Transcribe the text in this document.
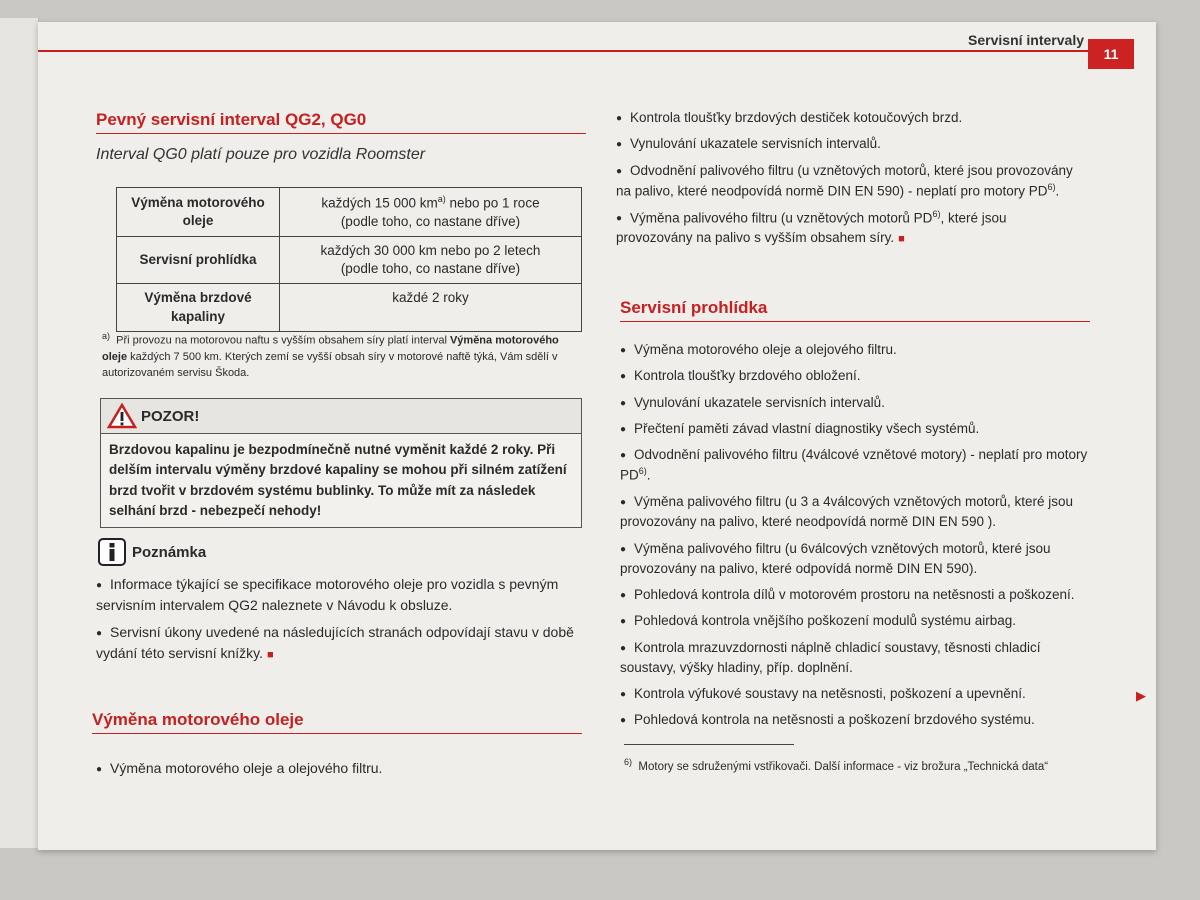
Servisní intervaly
11
Pevný servisní interval QG2, QG0
Interval QG0 platí pouze pro vozidla Roomster
Výměna motorového oleje	každých 15 000 $km^{a)}$ nebo po 1 roce
(podle toho, co nastane dříve)
Servisní prohlídka	každých 30 000 km nebo po 2 letech
(podle toho, co nastane dříve)
Výměna brzdové kapaliny	každé 2 roky
$^{a)}$ Při provozu na motorovou naftu s vyšším obsahem síry platí interval Výměna motorového oleje každých 7 500 km. Kterých zemí se vyšší obsah síry v motorové naftě týká, Vám sdělí v autorizovaném servisu Škoda.
POZOR!
Brzdovou kapalinu je bezpodmínečně nutné vyměnit každé 2 roky. Při delším intervalu výměny brzdové kapaliny se mohou při silném zatížení brzd tvořit v brzdovém systému bublinky. To může mít za následek selhání brzd - nebezpečí nehody!
Poznámka
● Informace týkající se specifikace motorového oleje pro vozidla s pevným servisním intervalem QG2 naleznete v Návodu k obsluze.
● Servisní úkony uvedené na následujících stranách odpovídají stavu v době vydání této servisní knížky. ■
Výměna motorového oleje
● Výměna motorového oleje a olejového filtru.
● Kontrola tloušťky brzdových destiček kotoučových brzd.
● Vynulování ukazatele servisních intervalů.
● Odvodnění palivového filtru (u vznětových motorů, které jsou provozovány na palivo, které neodpovídá normě DIN EN 590) - neplatí pro motory PD$^{6)}$.
● Výměna palivového filtru (u vznětových motorů PD$^{6)}$, které jsou provozovány na palivo s vyšším obsahem síry. ■
Servisní prohlídka
● Výměna motorového oleje a olejového filtru.
● Kontrola tloušťky brzdového obložení.
● Vynulování ukazatele servisních intervalů.
● Přečtení paměti závad vlastní diagnostiky všech systémů.
● Odvodnění palivového filtru (4válcové vznětové motory) - neplatí pro motory PD$^{6)}$.
● Výměna palivového filtru (u 3 a 4válcových vznětových motorů, které jsou provozovány na palivo, které neodpovídá normě DIN EN 590 ).
● Výměna palivového filtru (u 6válcových vznětových motorů, které jsou provozovány na palivo, které odpovídá normě DIN EN 590).
● Pohledová kontrola dílů v motorovém prostoru na netěsnosti a poškození.
● Pohledová kontrola vnějšího poškození modulů systému airbag.
● Kontrola mrazuvzdornosti náplně chladicí soustavy, těsnosti chladicí soustavy, výšky hladiny, příp. doplnění.
● Kontrola výfukové soustavy na netěsnosti, poškození a upevnění.
● Pohledová kontrola na netěsnosti a poškození brzdového systému.
▶
$^{6)}$ Motory se sdruženými vstřikovači. Další informace - viz brožura „Technická data“
